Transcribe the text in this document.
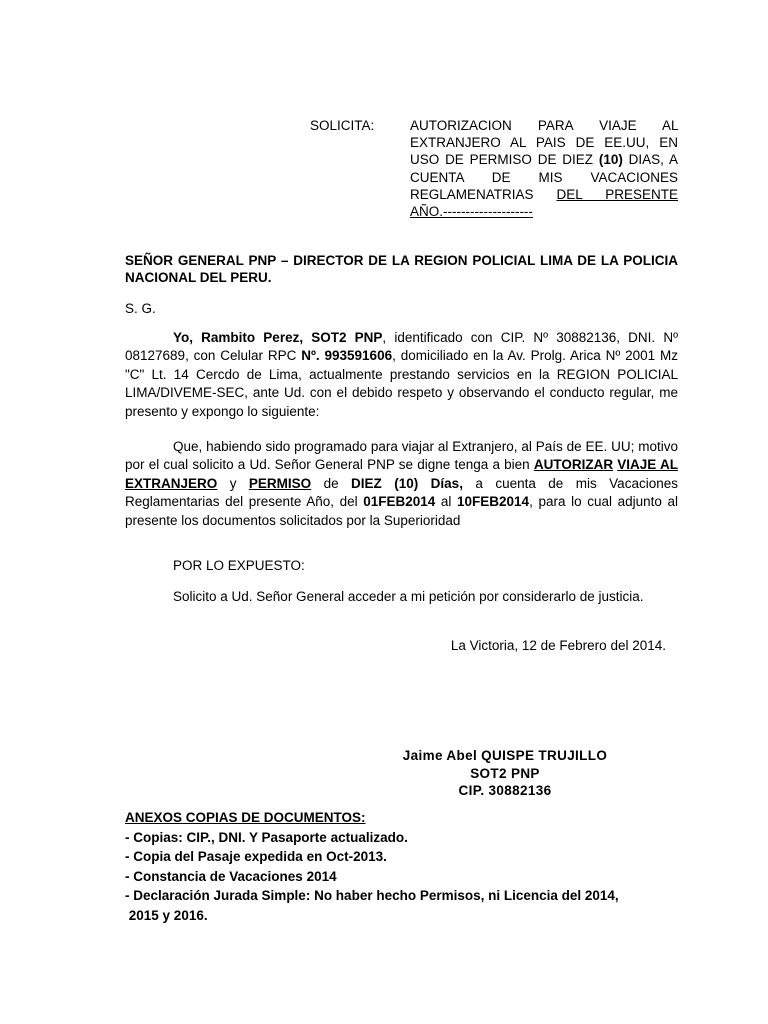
SOLICITA:	AUTORIZACION PARA VIAJE AL EXTRANJERO AL PAIS DE EE.UU, EN USO DE PERMISO DE DIEZ (10) DIAS, A CUENTA DE MIS VACACIONES REGLAMENATRIAS DEL PRESENTE AÑO.--------------------
SEÑOR GENERAL PNP – DIRECTOR DE LA REGION POLICIAL LIMA DE LA POLICIA NACIONAL DEL PERU.
S. G.
Yo, Rambito Perez, SOT2 PNP, identificado con CIP. Nº 30882136, DNI. Nº 08127689, con Celular RPC Nº. 993591606, domiciliado en la Av. Prolg. Arica Nº 2001 Mz "C" Lt. 14 Cercdo de Lima, actualmente prestando servicios en la REGION POLICIAL LIMA/DIVEME-SEC, ante Ud. con el debido respeto y observando el conducto regular, me presento y expongo lo siguiente:
Que, habiendo sido programado para viajar al Extranjero, al País de EE. UU; motivo por el cual solicito a Ud. Señor General PNP se digne tenga a bien AUTORIZAR VIAJE AL EXTRANJERO y PERMISO de DIEZ (10) Días, a cuenta de mis Vacaciones Reglamentarias del presente Año, del 01FEB2014 al 10FEB2014, para lo cual adjunto al presente los documentos solicitados por la Superioridad
POR LO EXPUESTO:
Solicito a Ud. Señor General acceder a mi petición por considerarlo de justicia.
La Victoria, 12 de Febrero del 2014.
_______________________
Jaime Abel QUISPE TRUJILLO
SOT2 PNP
CIP. 30882136
ANEXOS COPIAS DE DOCUMENTOS:
- Copias: CIP., DNI. Y Pasaporte actualizado.
- Copia del Pasaje expedida en Oct-2013.
- Constancia de Vacaciones 2014
- Declaración Jurada Simple: No haber hecho Permisos, ni Licencia del 2014,
2015 y 2016.
